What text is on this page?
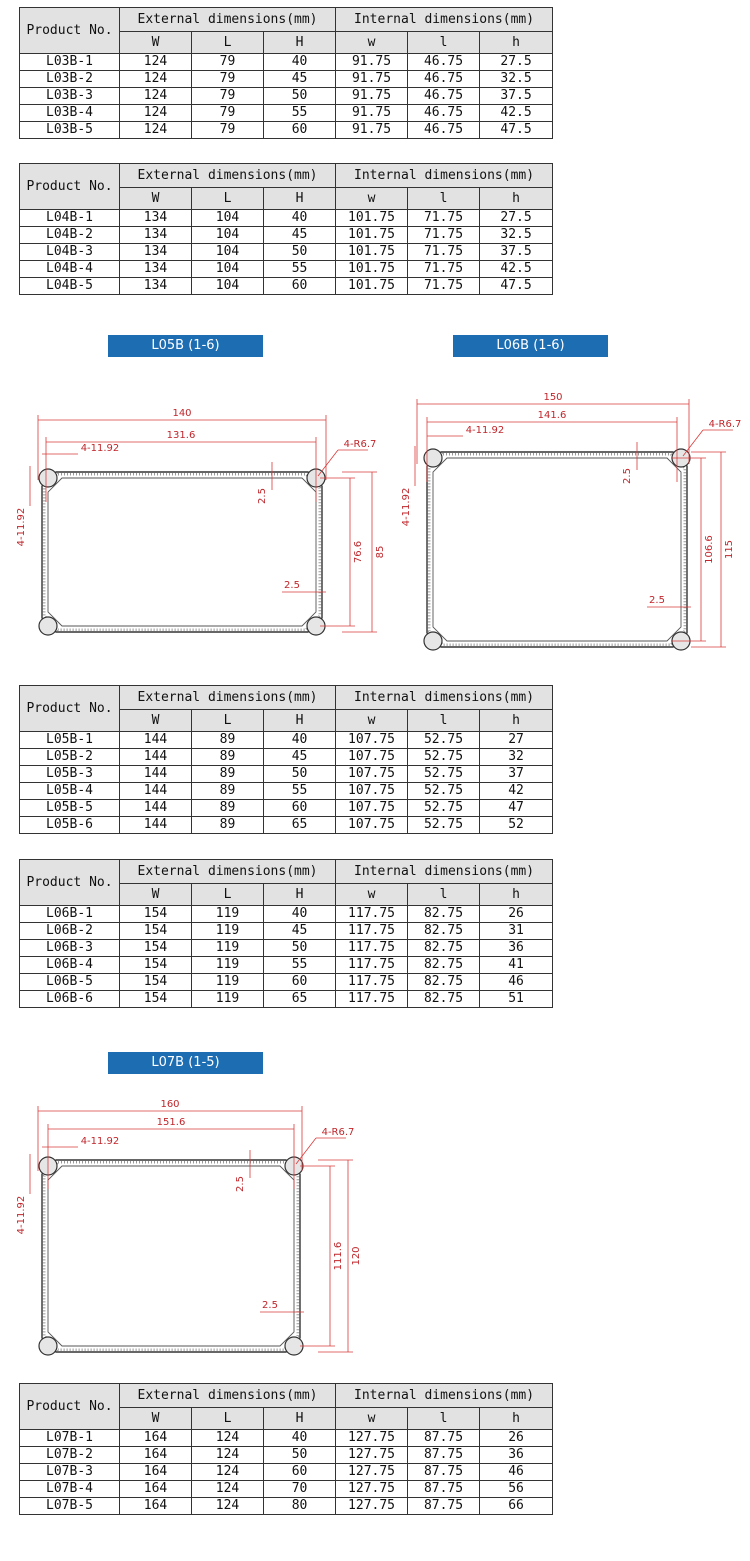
Product No.	External dimensions(mm)			Internal dimensions(mm)		
	W	L	H	w	l	h
L03B-1	124	79	40	91.75	46.75	27.5
L03B-2	124	79	45	91.75	46.75	32.5
L03B-3	124	79	50	91.75	46.75	37.5
L03B-4	124	79	55	91.75	46.75	42.5
L03B-5	124	79	60	91.75	46.75	47.5
Product No.	External dimensions(mm)			Internal dimensions(mm)		
	W	L	H	w	l	h
L04B-1	134	104	40	101.75	71.75	27.5
L04B-2	134	104	45	101.75	71.75	32.5
L04B-3	134	104	50	101.75	71.75	37.5
L04B-4	134	104	55	101.75	71.75	42.5
L04B-5	134	104	60	101.75	71.75	47.5
L05B (1-6)	L06B (1-6)
140
131.6
4-11.92	4-R6.7
76.6 85
2.5
2.5
4-11.92
150
141.6
4-11.92
4-R6.7
106.6 115
2.5
2.5
4-11.92
Product No.	External dimensions(mm)			Internal dimensions(mm)		
	W	L	H	w	l	h
L05B-1	144	89	40	107.75	52.75	27
L05B-2	144	89	45	107.75	52.75	32
L05B-3	144	89	50	107.75	52.75	37
L05B-4	144	89	55	107.75	52.75	42
L05B-5	144	89	60	107.75	52.75	47
L05B-6	144	89	65	107.75	52.75	52
Product No.	External dimensions(mm)			Internal dimensions(mm)		
	W	L	H	w	l	h
L06B-1	154	119	40	117.75	82.75	26
L06B-2	154	119	45	117.75	82.75	31
L06B-3	154	119	50	117.75	82.75	36
L06B-4	154	119	55	117.75	82.75	41
L06B-5	154	119	60	117.75	82.75	46
L06B-6	154	119	65	117.75	82.75	51
L07B (1-5)
160
151.6
4-11.92
4-R6.7
111.6 120
2.5
2.5
4-11.92
Product No.	External dimensions(mm)			Internal dimensions(mm)		
	W	L	H	w	l	h
L07B-1	164	124	40	127.75	87.75	26
L07B-2	164	124	50	127.75	87.75	36
L07B-3	164	124	60	127.75	87.75	46
L07B-4	164	124	70	127.75	87.75	56
L07B-5	164	124	80	127.75	87.75	66
